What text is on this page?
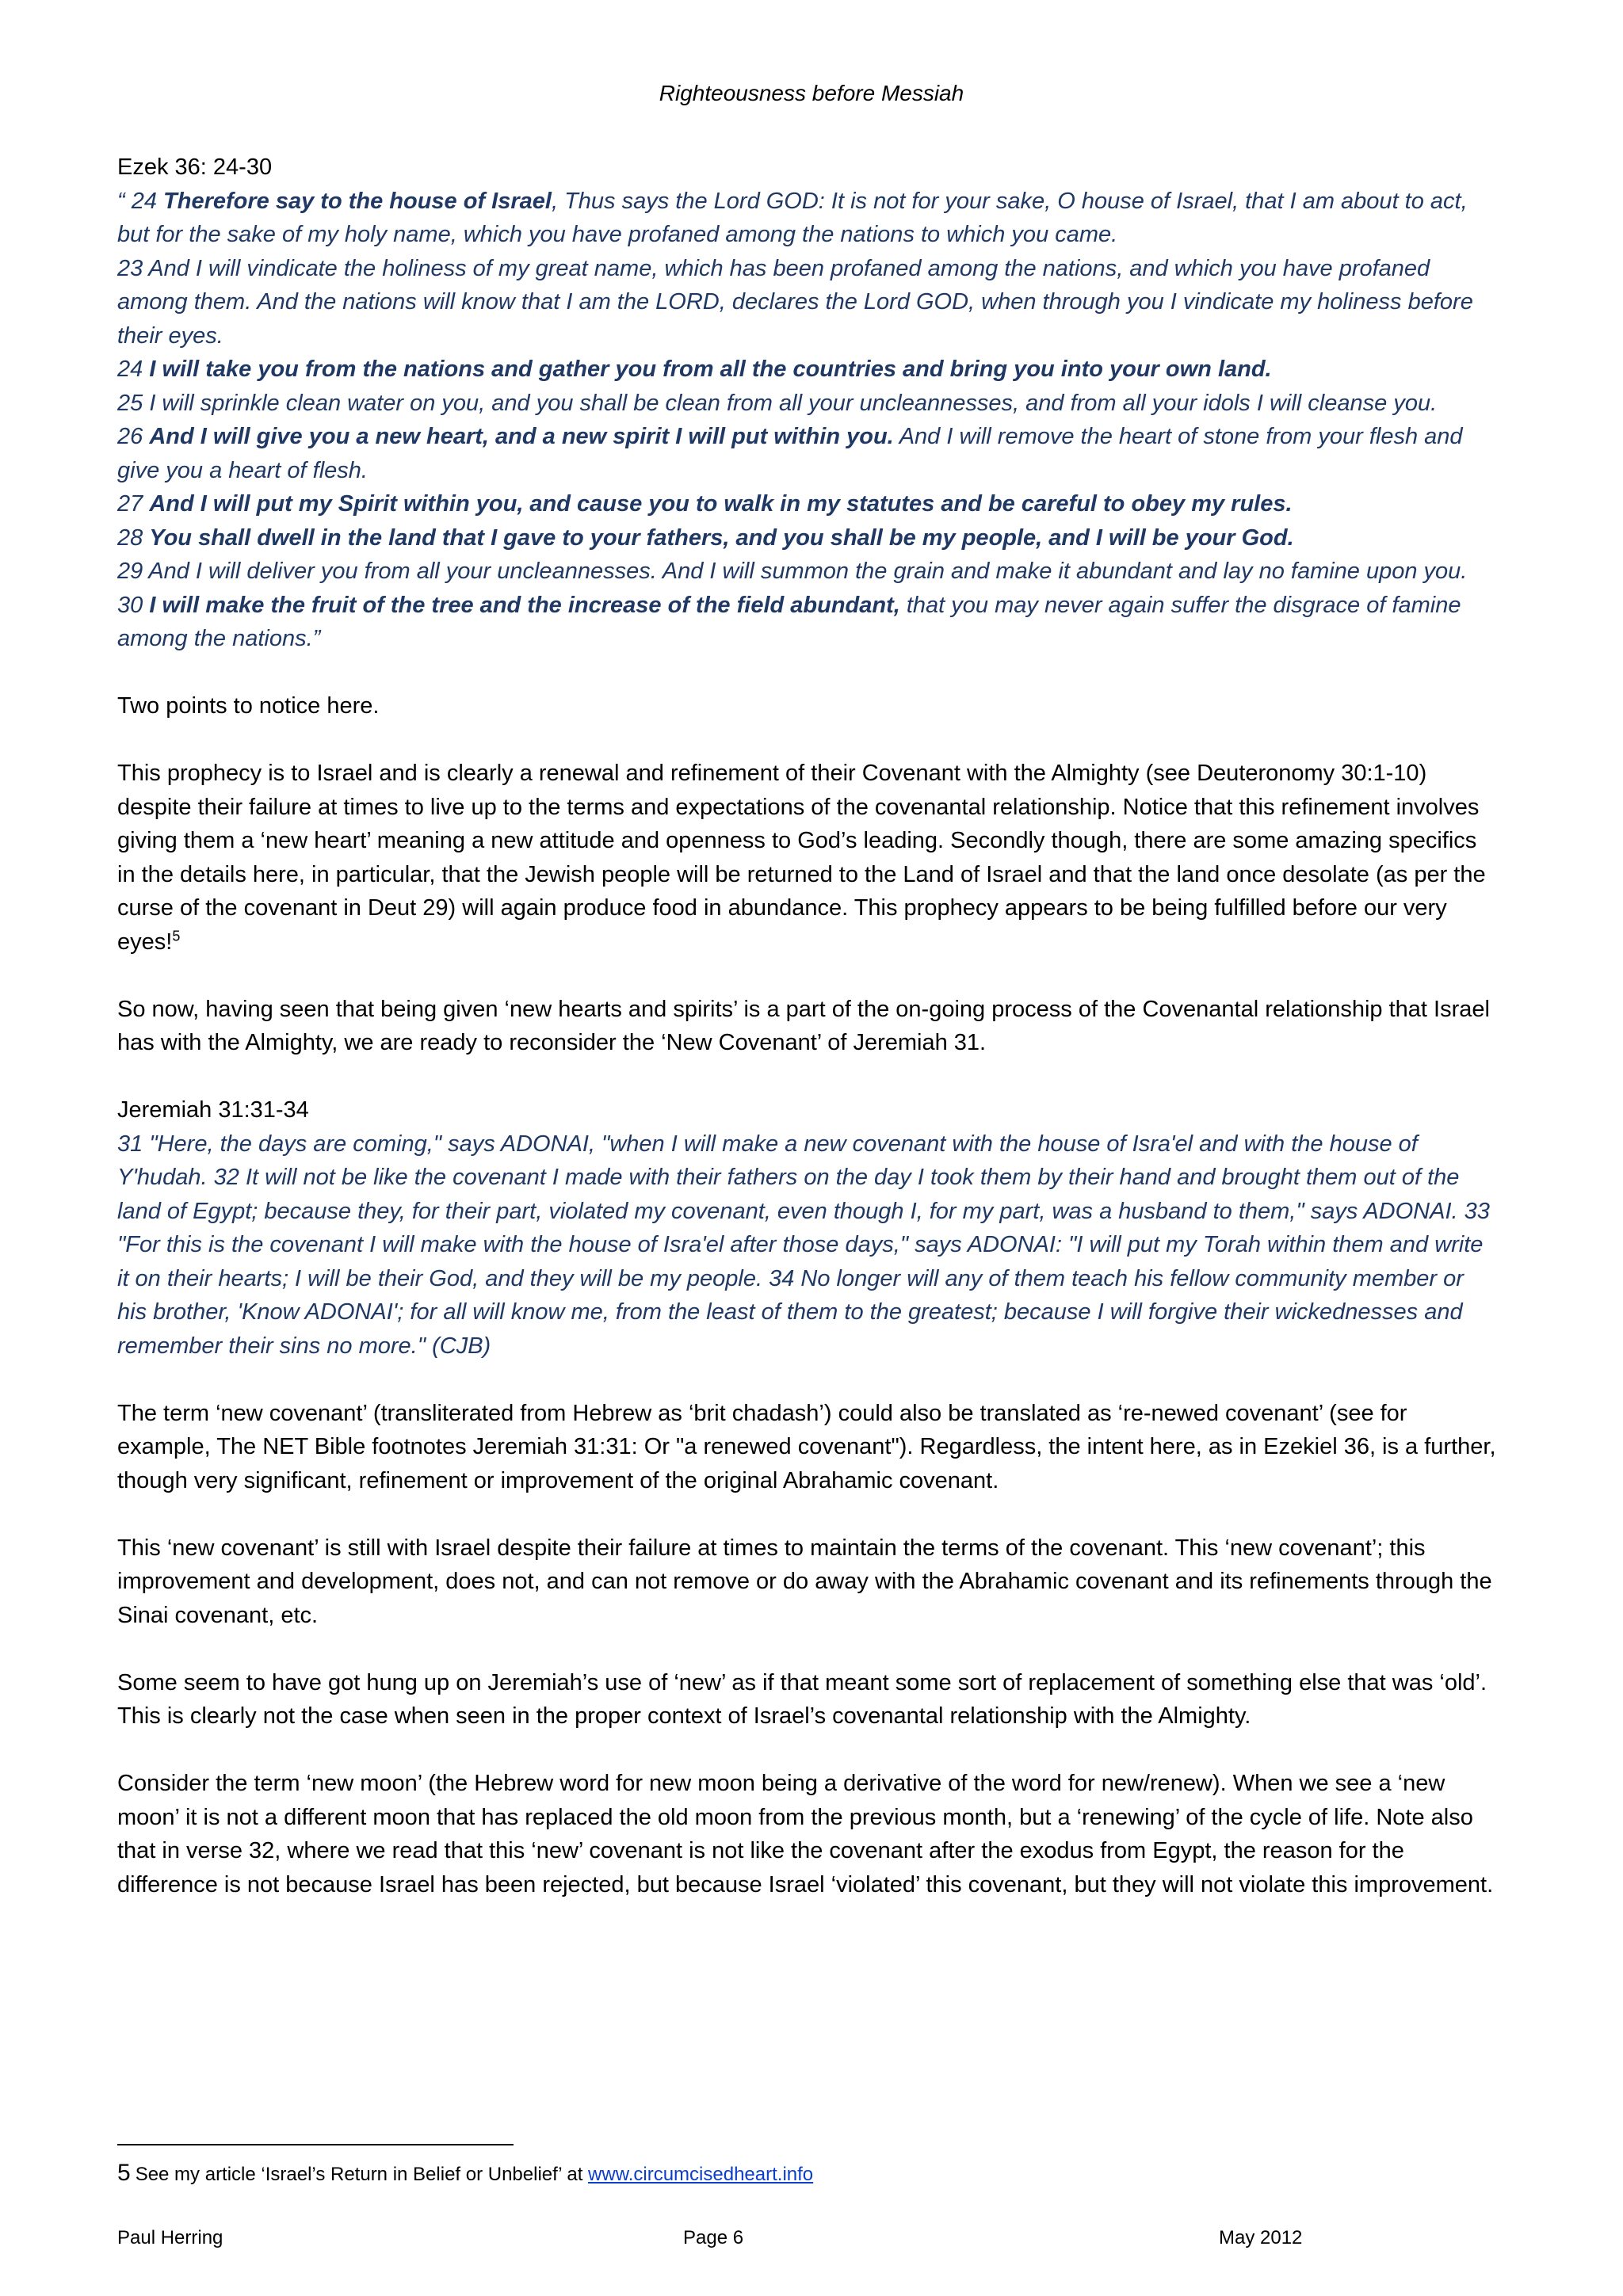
Righteousness before Messiah
Ezek 36: 24-30
“ 24 Therefore say to the house of Israel, Thus says the Lord GOD: It is not for your sake, O house of Israel, that I am about to act, but for the sake of my holy name, which you have profaned among the nations to which you came.
23 And I will vindicate the holiness of my great name, which has been profaned among the nations, and which you have profaned among them. And the nations will know that I am the LORD, declares the Lord GOD, when through you I vindicate my holiness before their eyes.
24 I will take you from the nations and gather you from all the countries and bring you into your own land.
25 I will sprinkle clean water on you, and you shall be clean from all your uncleannesses, and from all your idols I will cleanse you.
26 And I will give you a new heart, and a new spirit I will put within you. And I will remove the heart of stone from your flesh and give you a heart of flesh.
27 And I will put my Spirit within you, and cause you to walk in my statutes and be careful to obey my rules.
28 You shall dwell in the land that I gave to your fathers, and you shall be my people, and I will be your God.
29 And I will deliver you from all your uncleannesses. And I will summon the grain and make it abundant and lay no famine upon you.
30 I will make the fruit of the tree and the increase of the field abundant, that you may never again suffer the disgrace of famine among the nations.”

Two points to notice here.

This prophecy is to Israel and is clearly a renewal and refinement of their Covenant with the Almighty (see Deuteronomy 30:1-10) despite their failure at times to live up to the terms and expectations of the covenantal relationship. Notice that this refinement involves giving them a ‘new heart’ meaning a new attitude and openness to God’s leading. Secondly though, there are some amazing specifics in the details here, in particular, that the Jewish people will be returned to the Land of Israel and that the land once desolate (as per the curse of the covenant in Deut 29) will again produce food in abundance. This prophecy appears to be being fulfilled before our very eyes!$^5$

So now, having seen that being given ‘new hearts and spirits’ is a part of the on-going process of the Covenantal relationship that Israel has with the Almighty, we are ready to reconsider the ‘New Covenant’ of Jeremiah 31.

Jeremiah 31:31-34
31 "Here, the days are coming," says ADONAI, "when I will make a new covenant with the house of Isra'el and with the house of Y'hudah. 32 It will not be like the covenant I made with their fathers on the day I took them by their hand and brought them out of the land of Egypt; because they, for their part, violated my covenant, even though I, for my part, was a husband to them," says ADONAI. 33 "For this is the covenant I will make with the house of Isra'el after those days," says ADONAI: "I will put my Torah within them and write it on their hearts; I will be their God, and they will be my people. 34 No longer will any of them teach his fellow community member or his brother, 'Know ADONAI'; for all will know me, from the least of them to the greatest; because I will forgive their wickednesses and remember their sins no more." (CJB)

The term ‘new covenant’ (transliterated from Hebrew as ‘brit chadash’) could also be translated as ‘re-newed covenant’ (see for example, The NET Bible footnotes Jeremiah 31:31: Or "a renewed covenant"). Regardless, the intent here, as in Ezekiel 36, is a further, though very significant, refinement or improvement of the original Abrahamic covenant.

This ‘new covenant’ is still with Israel despite their failure at times to maintain the terms of the covenant. This ‘new covenant’; this improvement and development, does not, and can not remove or do away with the Abrahamic covenant and its refinements through the Sinai covenant, etc.

Some seem to have got hung up on Jeremiah’s use of ‘new’ as if that meant some sort of replacement of something else that was ‘old’. This is clearly not the case when seen in the proper context of Israel’s covenantal relationship with the Almighty.

Consider the term ‘new moon’ (the Hebrew word for new moon being a derivative of the word for new/renew). When we see a ‘new moon’ it is not a different moon that has replaced the old moon from the previous month, but a ‘renewing’ of the cycle of life. Note also that in verse 32, where we read that this ‘new’ covenant is not like the covenant after the exodus from Egypt, the reason for the difference is not because Israel has been rejected, but because Israel ‘violated’ this covenant, but they will not violate this improvement.

5 See my article ‘Israel’s Return in Belief or Unbelief’ at www.circumcisedheart.info
Paul Herring	Page 6	May 2012
